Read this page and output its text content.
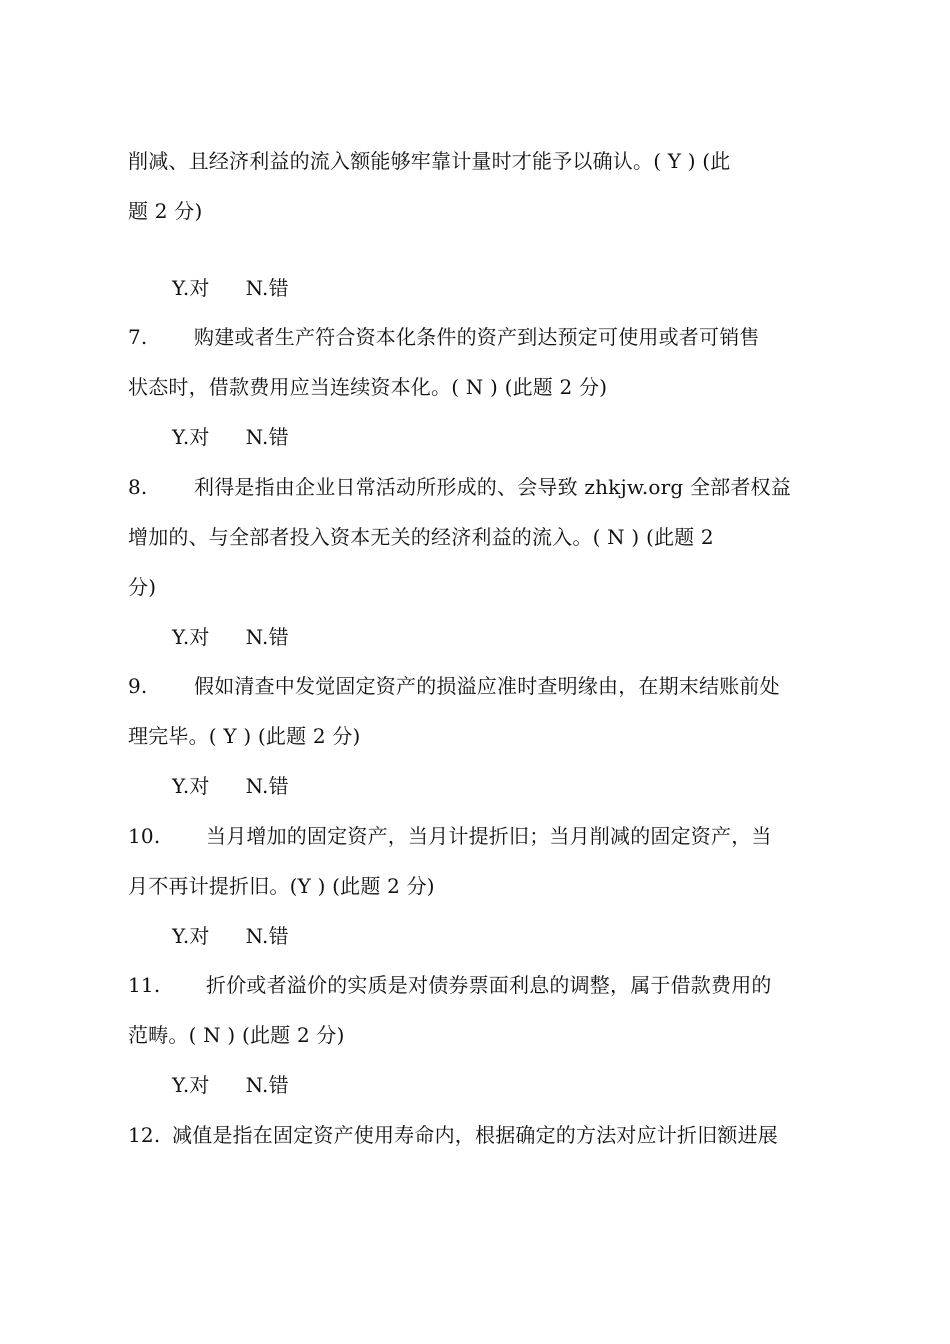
削减、且经济利益的流入额能够牢靠计量时才能予以确认。( Y ) (此
题 2 分)
Y.对 N.错
7. 购建或者生产符合资本化条件的资产到达预定可使用或者可销售
状态时，借款费用应当连续资本化。( N ) (此题 2 分)
Y.对 N.错
8. 利得是指由企业日常活动所形成的、会导致 zhkjw.org 全部者权益
增加的、与全部者投入资本无关的经济利益的流入。( N ) (此题 2
分)
Y.对 N.错
9. 假如清查中发觉固定资产的损溢应准时查明缘由，在期末结账前处
理完毕。( Y ) (此题 2 分)
Y.对 N.错
10. 当月增加的固定资产，当月计提折旧；当月削减的固定资产，当
月不再计提折旧。(Y ) (此题 2 分)
Y.对 N.错
11. 折价或者溢价的实质是对债券票面利息的调整，属于借款费用的
范畴。( N ) (此题 2 分)
Y.对 N.错
12. 减值是指在固定资产使用寿命内，根据确定的方法对应计折旧额进展
